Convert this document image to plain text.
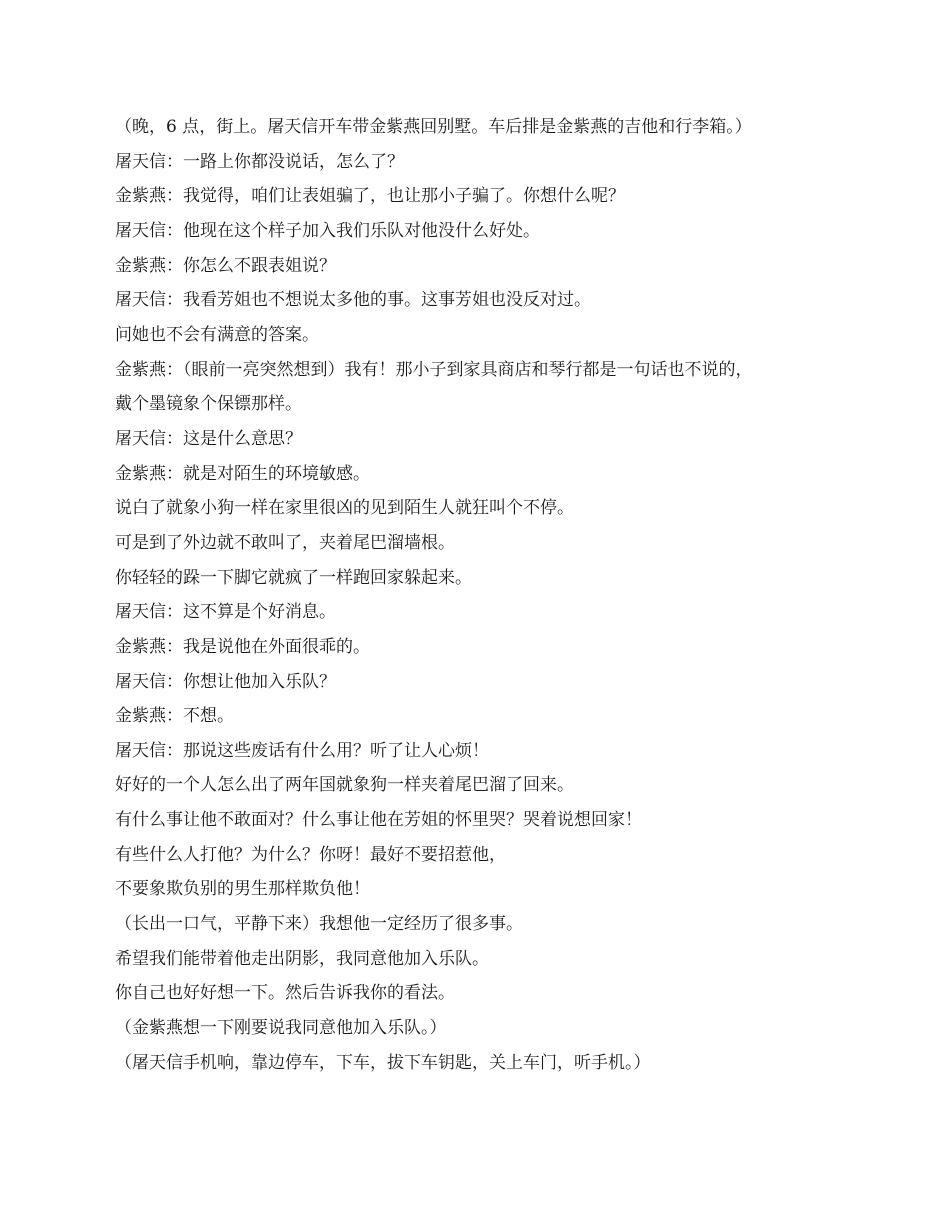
（晚，6 点，街上。屠天信开车带金紫燕回别墅。车后排是金紫燕的吉他和行李箱。）

屠天信：一路上你都没说话，怎么了？

金紫燕：我觉得，咱们让表姐骗了，也让那小子骗了。你想什么呢？

屠天信：他现在这个样子加入我们乐队对他没什么好处。

金紫燕：你怎么不跟表姐说？

屠天信：我看芳姐也不想说太多他的事。这事芳姐也没反对过。

问她也不会有满意的答案。

金紫燕：（眼前一亮突然想到）我有！那小子到家具商店和琴行都是一句话也不说的，

戴个墨镜象个保镖那样。

屠天信：这是什么意思？

金紫燕：就是对陌生的环境敏感。

说白了就象小狗一样在家里很凶的见到陌生人就狂叫个不停。

可是到了外边就不敢叫了，夹着尾巴溜墙根。

你轻轻的跺一下脚它就疯了一样跑回家躲起来。

屠天信：这不算是个好消息。

金紫燕：我是说他在外面很乖的。

屠天信：你想让他加入乐队？

金紫燕：不想。

屠天信：那说这些废话有什么用？听了让人心烦！

好好的一个人怎么出了两年国就象狗一样夹着尾巴溜了回来。

有什么事让他不敢面对？什么事让他在芳姐的怀里哭？哭着说想回家！

有些什么人打他？为什么？你呀！最好不要招惹他，

不要象欺负别的男生那样欺负他！

（长出一口气，平静下来）我想他一定经历了很多事。

希望我们能带着他走出阴影，我同意他加入乐队。

你自己也好好想一下。然后告诉我你的看法。

（金紫燕想一下刚要说我同意他加入乐队。）

（屠天信手机响，靠边停车，下车，拔下车钥匙，关上车门，听手机。）
